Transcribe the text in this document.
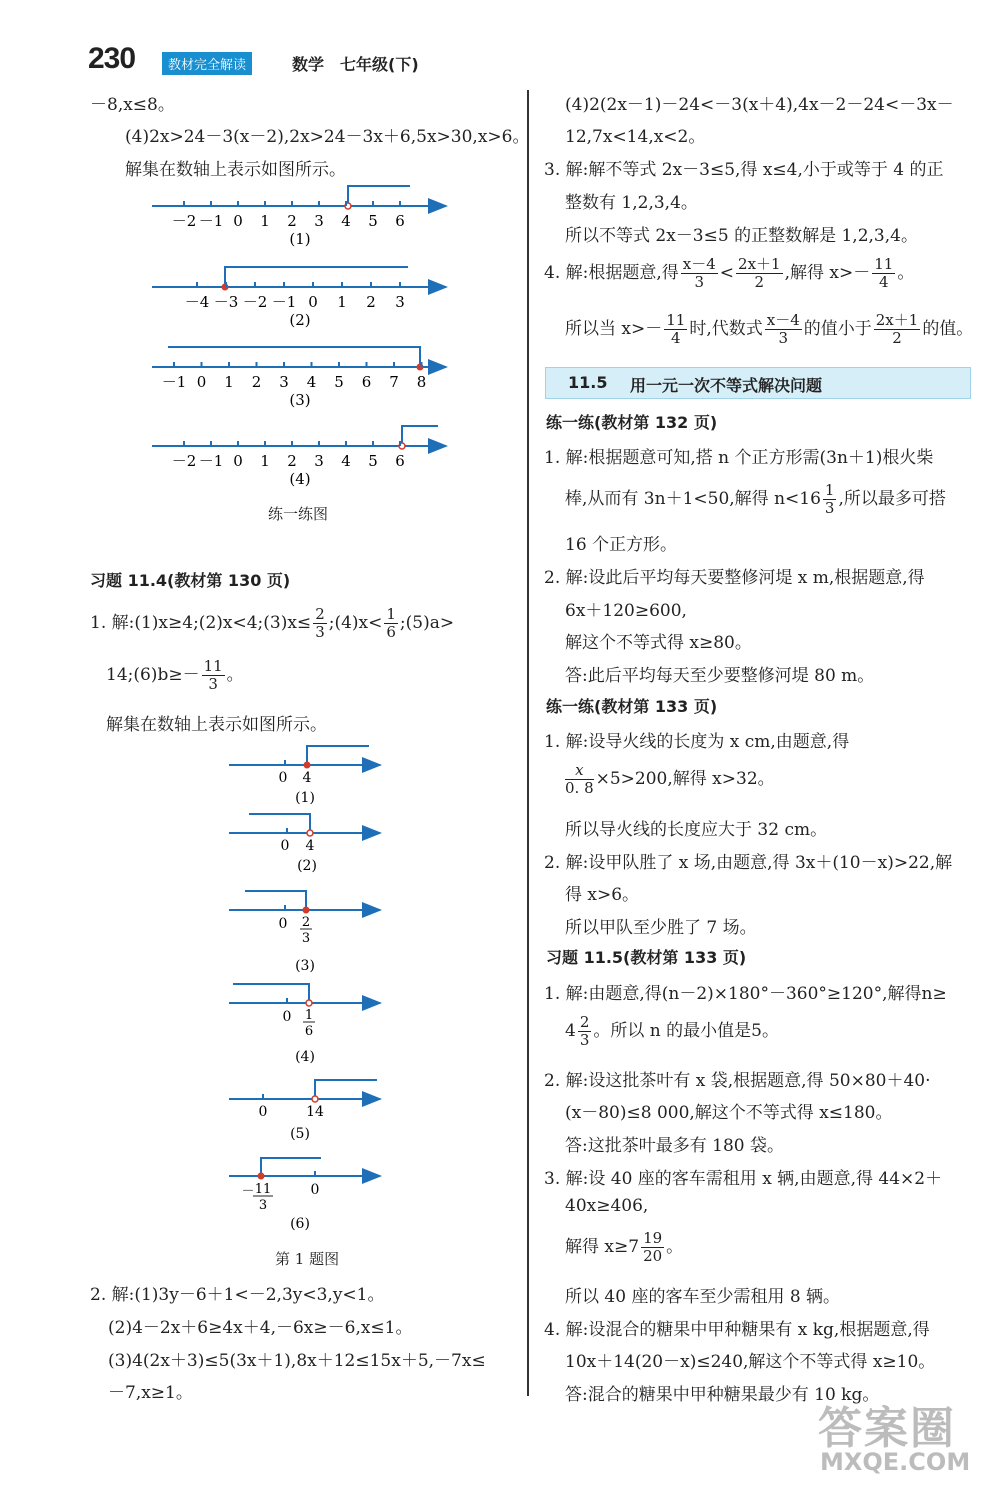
230	教材完全解读	数学 七年级(下)
－8,x≤8。
(4)2x>24－3(x－2),2x>24－3x＋6,5x>30,x>6。
解集在数轴上表示如图所示。
－2 －1 0 1 2 3 4 5 6
(1)
－4 －3 －2 －1 0 1 2 3
(2)
－1 0 1 2 3 4 5 6 7 8
(3)
－2 －1 0 1 2 3 4 5 6
(4)
练一练图
习题 11.4(教材第 130 页)
1. 解:(1)x≥4;(2)x<4;(3)x≤ $\frac{2}{3}$ ;(4)x< $\frac{1}{6}$ ;(5)a>
14;(6)b≥－ $\frac{11}{3}$ 。
解集在数轴上表示如图所示。
0 4
(1)
0 4
(2)
0 2
3
(3)
0 1
6
(4)
0	14
(5)
－ 11
3
0
(6)
第 1 题图
2. 解:(1)3y－6＋1<－2,3y<3,y<1。
(2)4－2x＋6≥4x＋4,－6x≥－6,x≤1。
(3)4(2x＋3)≤5(3x＋1),8x＋12≤15x＋5,－7x≤
－7,x≥1。
(4)2(2x－1)－24<－3(x＋4),4x－2－24<－3x－
12,7x<14,x<2。
3. 解:解不等式 2x－3≤5,得 x≤4,小于或等于 4 的正
整数有 1,2,3,4。
所以不等式 2x－3≤5 的正整数解是 1,2,3,4。
4. 解:根据题意,得 $\frac{x-4}{3} < \frac{2x+1}{2}$ ,解得 $x>- \frac{11}{4}$ 。
所以当 $x>- \frac{11}{4}$ 时,代数式 $\frac{x-4}{3}$ 的值小于 $\frac{2x+1}{2}$ 的值。
11.5 用一元一次不等式解决问题
练一练(教材第 132 页)
1. 解:根据题意可知,搭 n 个正方形需(3n＋1)根火柴
棒,从而有 3n＋1<50,解得 $n<16 \frac{1}{3}$ ,所以最多可搭
16 个正方形。
2. 解:设此后平均每天要整修河堤 x m,根据题意,得
6x＋120≥600,
解这个不等式得 x≥80。
答:此后平均每天至少要整修河堤 80 m。
练一练(教材第 133 页)
1. 解:设导火线的长度为 x cm,由题意,得
$\frac{x}{0. 8} \times 5>200$,解得 x>32。
所以导火线的长度应大于 32 cm。
2. 解:设甲队胜了 x 场,由题意,得 3x＋(10－x)>22,解
得 x>6。
所以甲队至少胜了 7 场。
习题 11.5(教材第 133 页)
1. 解:由题意,得(n－2)×180°－360°≥120°,解得n≥
$4 \frac{2}{3}$ 。所以 n 的最小值是5。
2. 解:设这批茶叶有 x 袋,根据题意,得 50×80＋40·
(x－80)≤8 000,解这个不等式得 x≤180。
答:这批茶叶最多有 180 袋。
3. 解:设 40 座的客车需租用 x 辆,由题意,得 44×2＋
40x≥406,
解得 $x\ge 7 \frac{19}{20}$ 。
所以 40 座的客车至少需租用 8 辆。
4. 解:设混合的糖果中甲种糖果有 x kg,根据题意,得
10x＋14(20－x)≤240,解这个不等式得 x≥10。
答:混合的糖果中甲种糖果最少有 10 kg。
答案圈
MXQE.COM
